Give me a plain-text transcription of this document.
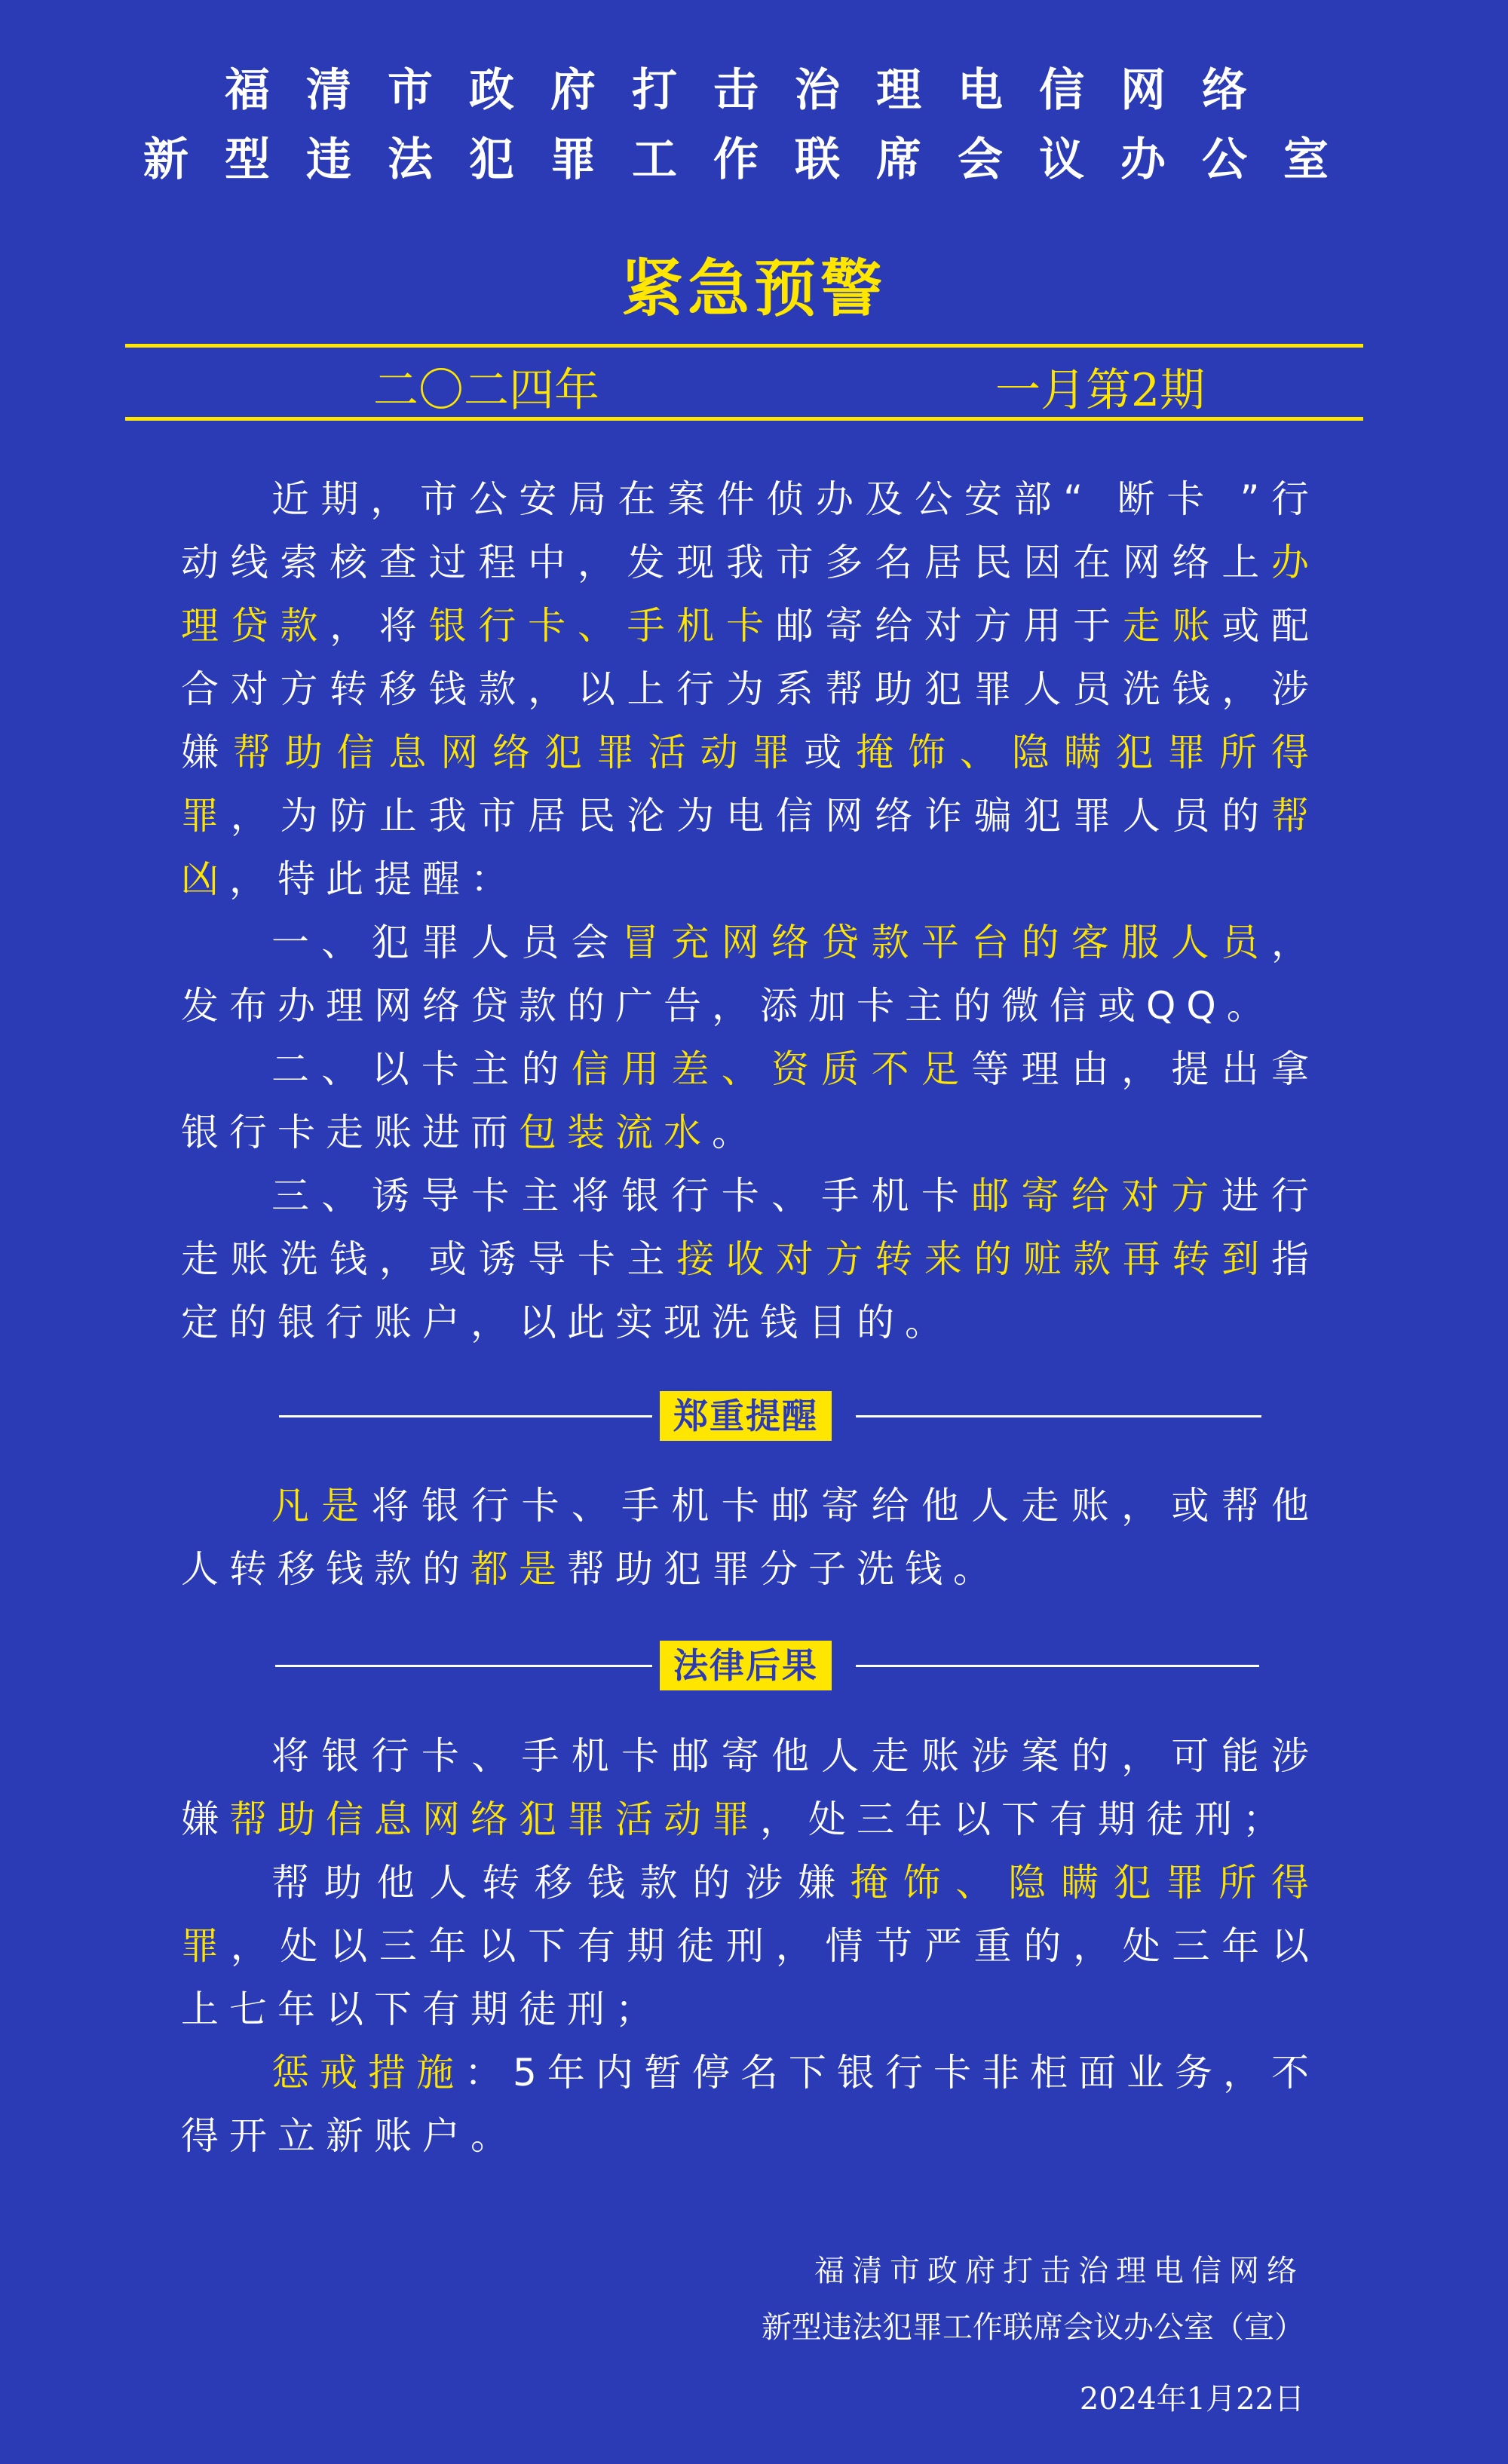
福清市政府打击治理电信网络
新型违法犯罪工作联席会议办公室
紧急预警
二〇二四年	一月第2期

近期，市公安局在案件侦办及公安部“ 断卡 ”行动线索核查过程中，发现我市多名居民因在网络上办理贷款，将银行卡、手机卡邮寄给对方用于走账或配合对方转移钱款，以上行为系帮助犯罪人员洗钱，涉嫌帮助信息网络犯罪活动罪或掩饰、隐瞒犯罪所得罪，为防止我市居民沦为电信网络诈骗犯罪人员的帮凶，特此提醒：

一、犯罪人员会冒充网络贷款平台的客服人员，发布办理网络贷款的广告，添加卡主的微信或QQ。

二、以卡主的信用差、资质不足等理由，提出拿银行卡走账进而包装流水。

三、诱导卡主将银行卡、手机卡邮寄给对方进行走账洗钱，或诱导卡主接收对方转来的赃款再转到指定的银行账户，以此实现洗钱目的。

郑重提醒

凡是将银行卡、手机卡邮寄给他人走账，或帮他人转移钱款的都是帮助犯罪分子洗钱。

法律后果

将银行卡、手机卡邮寄他人走账涉案的，可能涉嫌帮助信息网络犯罪活动罪，处三年以下有期徒刑；

帮助他人转移钱款的涉嫌掩饰、隐瞒犯罪所得罪，处以三年以下有期徒刑，情节严重的，处三年以上七年以下有期徒刑；

惩戒措施：5年内暂停名下银行卡非柜面业务，不得开立新账户。

福清市政府打击治理电信网络
新型违法犯罪工作联席会议办公室（宣）
2024年1月22日
